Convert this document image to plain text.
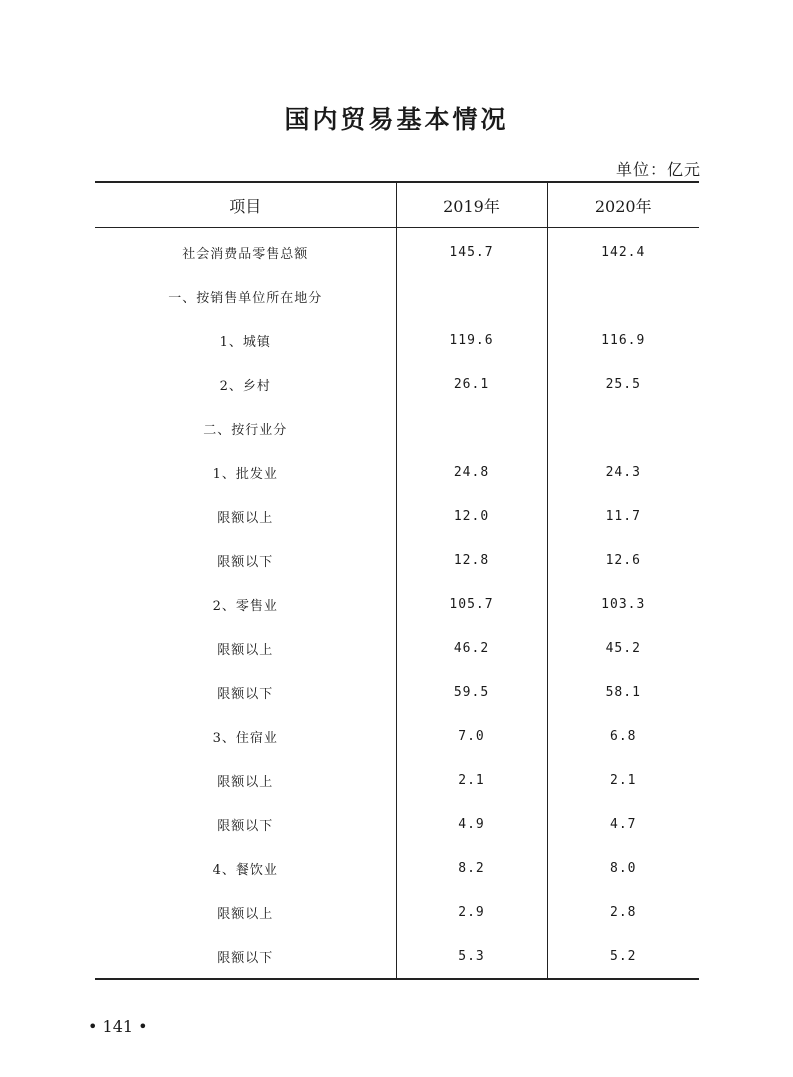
国内贸易基本情况
单位：亿元
项目	2019年	2020年
社会消费品零售总额	145.7	142.4
一、按销售单位所在地分		
1、城镇	119.6	116.9
2、乡村	26.1	25.5
二、按行业分		
1、批发业	24.8	24.3
限额以上	12.0	11.7
限额以下	12.8	12.6
2、零售业	105.7	103.3
限额以上	46.2	45.2
限额以下	59.5	58.1
3、住宿业	7.0	6.8
限额以上	2.1	2.1
限额以下	4.9	4.7
4、餐饮业	8.2	8.0
限额以上	2.9	2.8
限额以下	5.3	5.2
• 141 •
